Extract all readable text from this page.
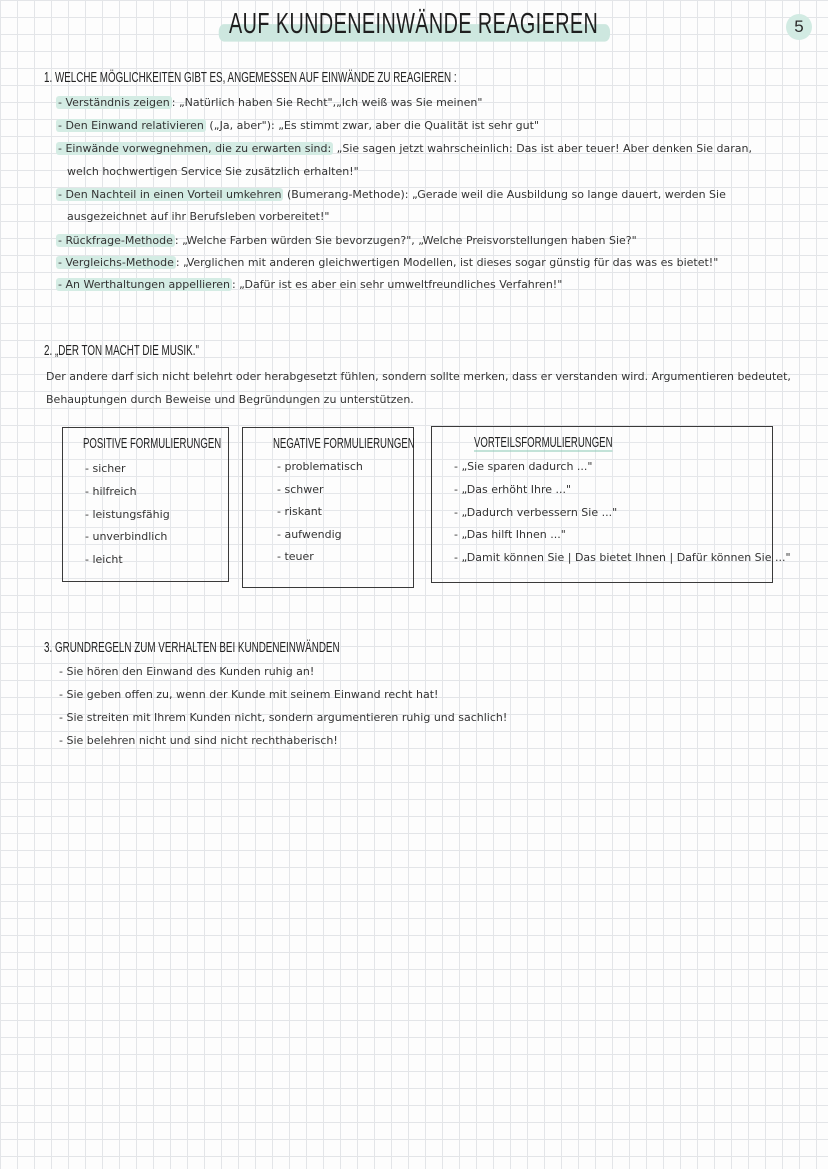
AUF KUNDENEINWÄNDE REAGIEREN	5
1. WELCHE MÖGLICHKEITEN GIBT ES, ANGEMESSEN AUF EINWÄNDE ZU REAGIEREN :
- Verständnis zeigen : „Natürlich haben Sie Recht",„Ich weiß was Sie meinen"
- Den Einwand relativieren („Ja, aber"): „Es stimmt zwar, aber die Qualität ist sehr gut"
- Einwände vorwegnehmen, die zu erwarten sind: „Sie sagen jetzt wahrscheinlich: Das ist aber teuer! Aber denken Sie daran,
welch hochwertigen Service Sie zusätzlich erhalten!"
- Den Nachteil in einen Vorteil umkehren (Bumerang-Methode): „Gerade weil die Ausbildung so lange dauert, werden Sie
ausgezeichnet auf ihr Berufsleben vorbereitet!"
- Rückfrage-Methode : „Welche Farben würden Sie bevorzugen?", „Welche Preisvorstellungen haben Sie?"
- Vergleichs-Methode : „Verglichen mit anderen gleichwertigen Modellen, ist dieses sogar günstig für das was es bietet!"
- An Werthaltungen appellieren : „Dafür ist es aber ein sehr umweltfreundliches Verfahren!"
2. „DER TON MACHT DIE MUSIK."
Der andere darf sich nicht belehrt oder herabgesetzt fühlen, sondern sollte merken, dass er verstanden wird. Argumentieren bedeutet,
Behauptungen durch Beweise und Begründungen zu unterstützen.
POSITIVE FORMULIERUNGEN
- sicher
- hilfreich
- leistungsfähig
- unverbindlich
- leicht
NEGATIVE FORMULIERUNGEN
- problematisch
- schwer
- riskant
- aufwendig
- teuer
VORTEILSFORMULIERUNGEN
- „Sie sparen dadurch ..."
- „Das erhöht Ihre ..."
- „Dadurch verbessern Sie ..."
- „Das hilft Ihnen ..."
- „Damit können Sie | Das bietet Ihnen | Dafür können Sie ..."
3. GRUNDREGELN ZUM VERHALTEN BEI KUNDENEINWÄNDEN
- Sie hören den Einwand des Kunden ruhig an!
- Sie geben offen zu, wenn der Kunde mit seinem Einwand recht hat!
- Sie streiten mit Ihrem Kunden nicht, sondern argumentieren ruhig und sachlich!
- Sie belehren nicht und sind nicht rechthaberisch!
